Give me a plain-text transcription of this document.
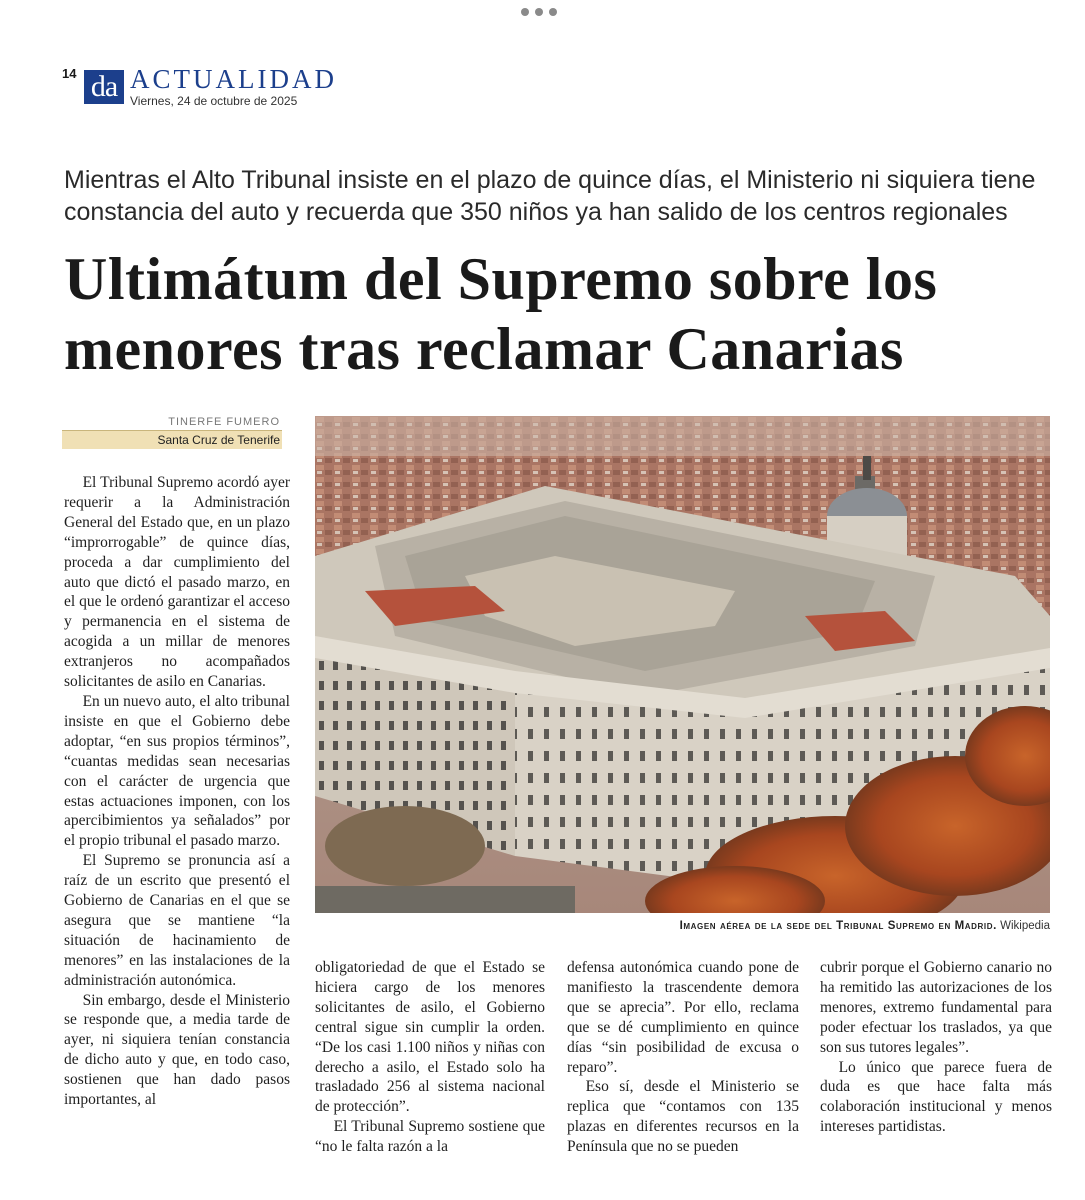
14 da ACTUALIDAD
Viernes, 24 de octubre de 2025
Mientras el Alto Tribunal insiste en el plazo de quince días, el Ministerio ni siquiera tiene constancia del auto y recuerda que 350 niños ya han salido de los centros regionales
Ultimátum del Supremo sobre los menores tras reclamar Canarias
TINERFE FUMERO
Santa Cruz de Tenerife

El Tribunal Supremo acordó ayer requerir a la Administración General del Estado que, en un plazo “improrrogable” de quince días, proceda a dar cumplimiento del auto que dictó el pasado marzo, en el que le ordenó garantizar el acceso y permanencia en el sistema de acogida a un millar de menores extranjeros no acompañados solicitantes de asilo en Canarias.

En un nuevo auto, el alto tribunal insiste en que el Gobierno debe adoptar, “en sus propios términos”, “cuantas medidas sean necesarias con el carácter de urgencia que estas actuaciones imponen, con los apercibimientos ya señalados” por el propio tribunal el pasado marzo.

El Supremo se pronuncia así a raíz de un escrito que presentó el Gobierno de Canarias en el que se asegura que se mantiene “la situación de hacinamiento de menores” en las instalaciones de la administración autonómica.

Sin embargo, desde el Ministerio se responde que, a media tarde de ayer, ni siquiera tenían constancia de dicho auto y que, en todo caso, sostienen que han dado pasos importantes, al

Imagen aérea de la sede del Tribunal Supremo en Madrid. Wikipedia

obligatoriedad de que el Estado se hiciera cargo de los menores solicitantes de asilo, el Gobierno central sigue sin cumplir la orden. “De los casi 1.100 niños y niñas con derecho a asilo, el Estado solo ha trasladado 256 al sistema nacional de protección”.

El Tribunal Supremo sostiene que “no le falta razón a la

defensa autonómica cuando pone de manifiesto la trascendente demora que se aprecia”. Por ello, reclama que se dé cumplimiento en quince días “sin posibilidad de excusa o reparo”.

Eso sí, desde el Ministerio se replica que “contamos con 135 plazas en diferentes recursos en la Península que no se pueden

cubrir porque el Gobierno canario no ha remitido las autorizaciones de los menores, extremo fundamental para poder efectuar los traslados, ya que son sus tutores legales”.

Lo único que parece fuera de duda es que hace falta más colaboración institucional y menos intereses partidistas.
